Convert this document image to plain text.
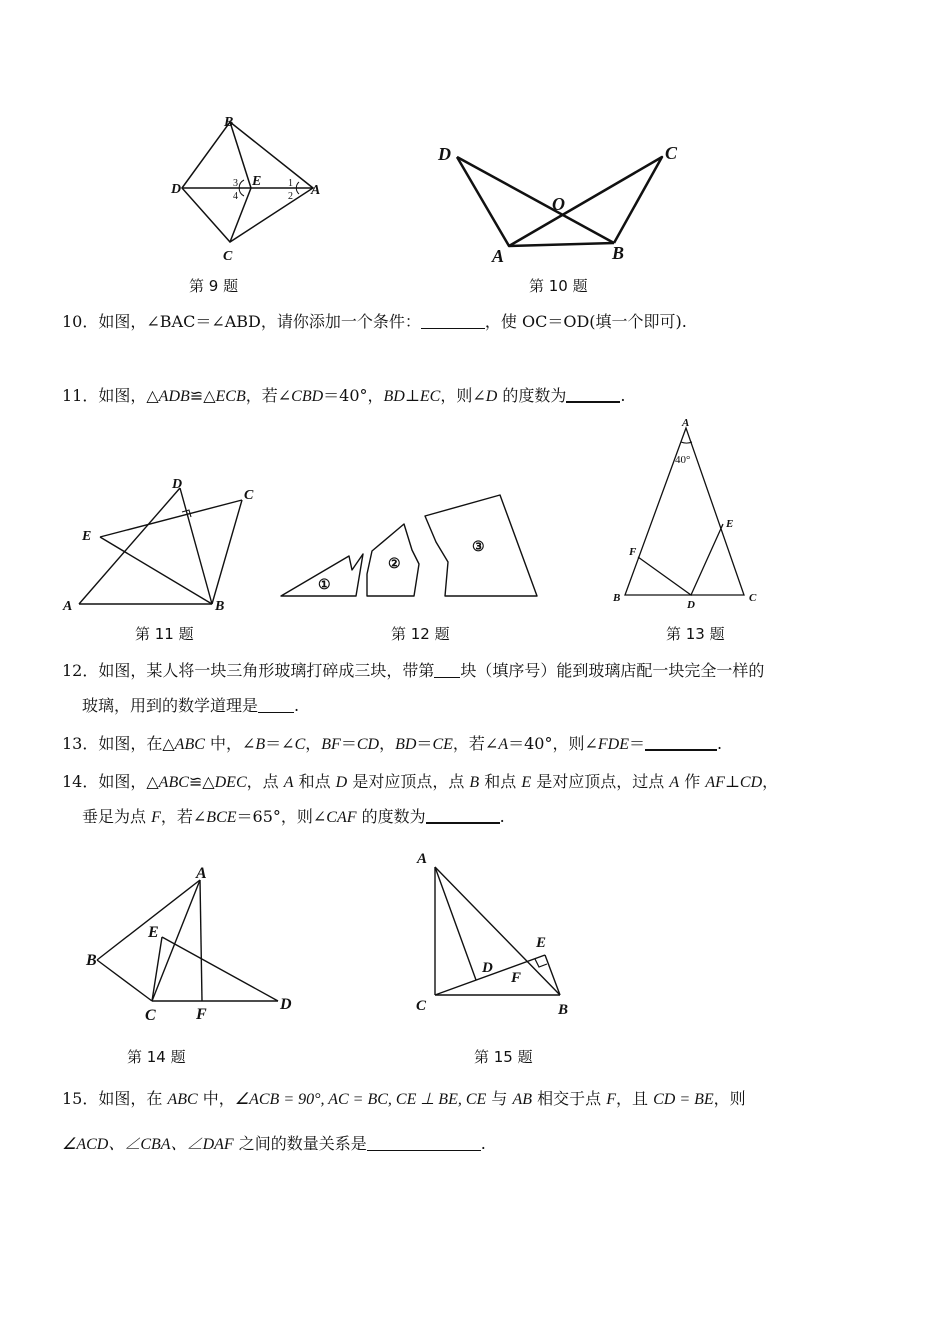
B
D
E
A
C
1
2
3
4
第 9 题
D	C
O
A	B
第 10 题
10．如图，∠BAC＝∠ABD，请你添加一个条件：	，使 OC＝OD(填一个即可).
11．如图，△ADB≌△ECB，若∠CBD＝40°，BD⊥EC，则∠D 的度数为	.
D
C
E
A	B
第 11 题
①
②
③
第 12 题
A
40°
E
F
B
D
C
第 13 题
12．如图，某人将一块三角形玻璃打碎成三块，带第 块（填序号）能到玻璃店配一块完全一样的
玻璃，用到的数学道理是 .
13．如图，在△ABC 中，∠B＝∠C，BF＝CD，BD＝CE，若∠A＝40°，则∠FDE＝	.
14．如图，△ABC≌△DEC，点 A 和点 D 是对应顶点，点 B 和点 E 是对应顶点，过点 A 作 AF⊥CD，
垂足为点 F，若∠BCE＝65°，则∠CAF 的度数为	.
A
E
B
C	F
D
第 14 题
A
E
D
F
C	B
第 15 题
15．如图，在 ABC 中，∠ACB = 90°, AC = BC, CE ⊥ BE, CE 与 AB 相交于点 F，且 CD = BE，则
∠ACD、∠CBA、∠DAF 之间的数量关系是	.
